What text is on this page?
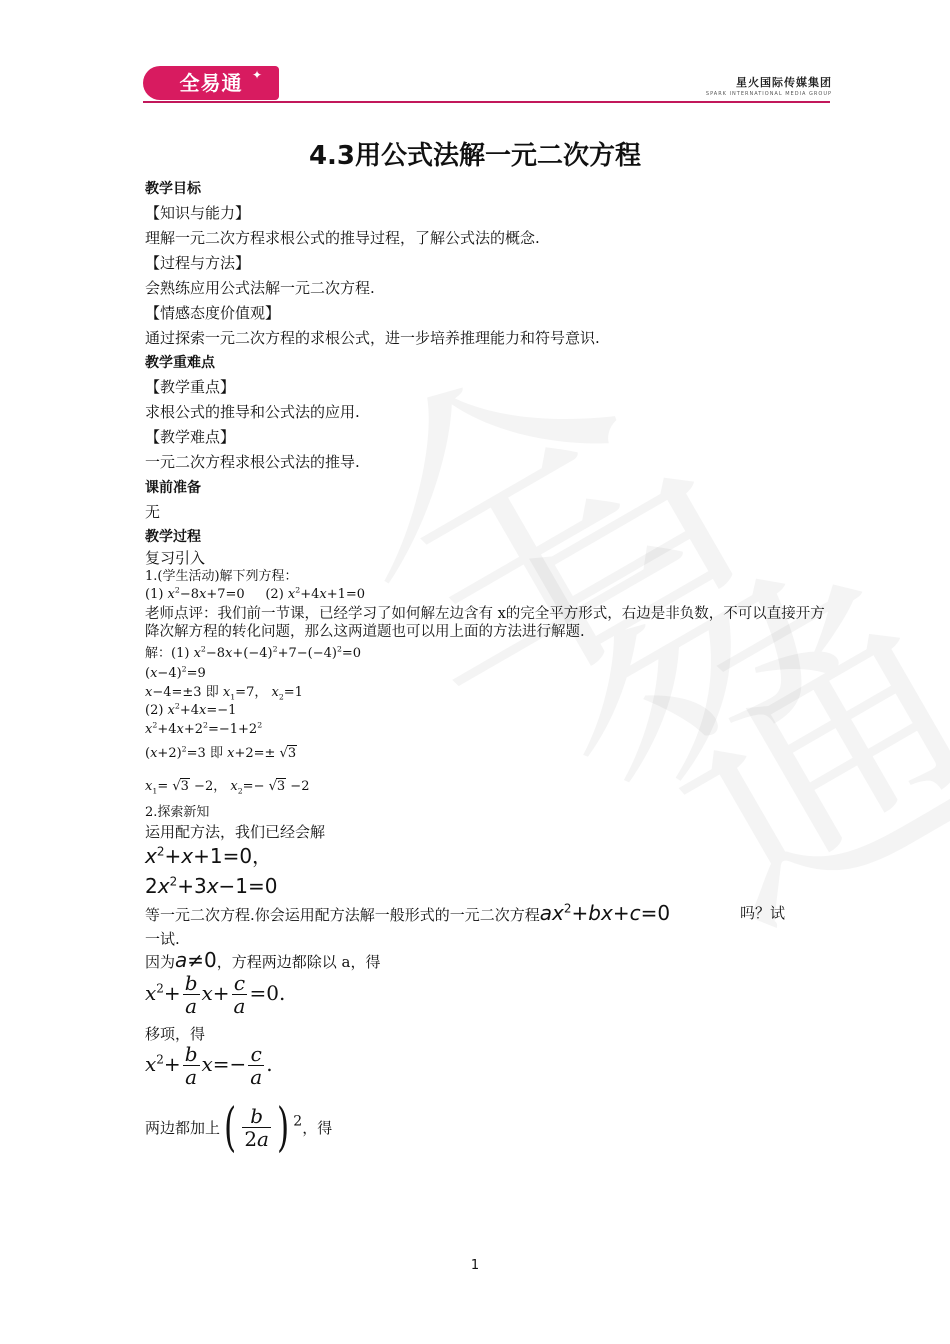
全易通 ✦
星火国际传媒集团
SPARK INTERNATIONAL MEDIA GROUP
4.3用公式法解一元二次方程
教学目标
【知识与能力】
理解一元二次方程求根公式的推导过程，了解公式法的概念.
【过程与方法】
会熟练应用公式法解一元二次方程.
【情感态度价值观】
通过探索一元二次方程的求根公式，进一步培养推理能力和符号意识.
教学重难点
【教学重点】
求根公式的推导和公式法的应用.
【教学难点】
一元二次方程求根公式法的推导.
课前准备
无
教学过程
复习引入
1.(学生活动)解下列方程：
(1) $x^2-8x+7=0$     (2) $x^2+4x+1=0$
老师点评：我们前一节课，已经学习了如何解左边含有 x的完全平方形式，右边是非负数，不可以直接开方降次解方程的转化问题，那么这两道题也可以用上面的方法进行解题.
解：(1) $x^2-8x+(-4)^2+7-(-4)^2=0$
$(x-4)^2=9$
x−4=±3 即 $x_1=7$， $x_2=1$
(2) $x^2+4x=-1$
$x^2+4x+2^2=-1+2^2$
$(x+2)^2=3$ 即 x+2=± √3
$x_1= √3 -2$， $x_2=- √3 -2$
2.探索新知
运用配方法，我们已经会解
$x^2+x+1=0$，
$2x^2+3x-1=0$
等一元二次方程.你会运用配方法解一般形式的一元二次方程$ax^2+bx+c=0$	吗？试
一试.
因为a≠0，方程两边都除以 a，得
$x^2+ \frac{b}{a} x+ \frac{c}{a} =0$.
移项，得
$x^2+ \frac{b}{a} x=- \frac{c}{a}$ .
两边都加上( $\frac{b}{2a}$ ) $^2$，得
1
